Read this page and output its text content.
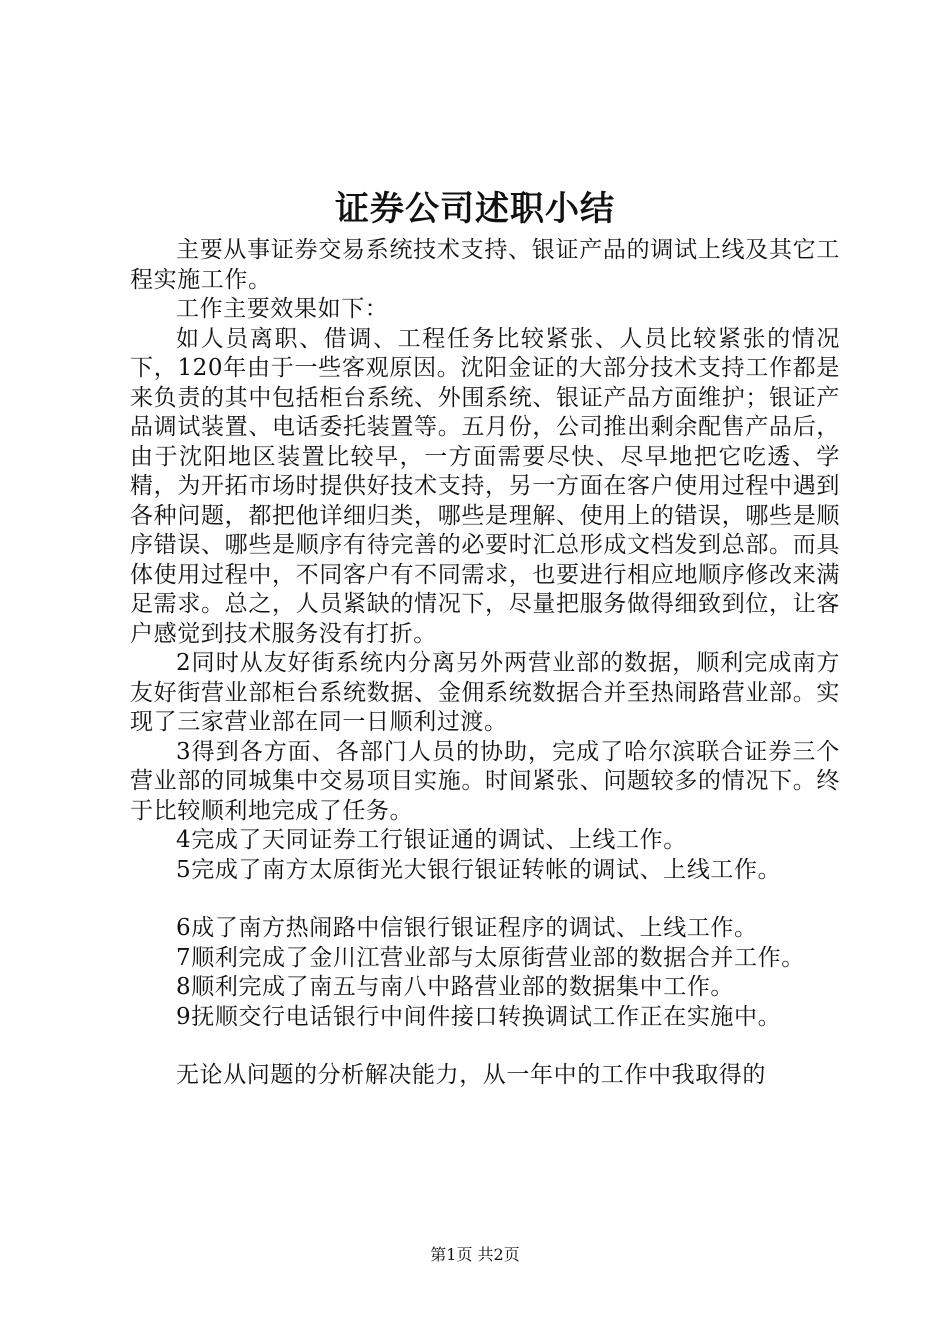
证券公司述职小结

主要从事证券交易系统技术支持、银证产品的调试上线及其它工程实施工作。

工作主要效果如下：

如人员离职、借调、工程任务比较紧张、人员比较紧张的情况下，120年由于一些客观原因。沈阳金证的大部分技术支持工作都是来负责的其中包括柜台系统、外围系统、银证产品方面维护；银证产品调试装置、电话委托装置等。五月份，公司推出剩余配售产品后，由于沈阳地区装置比较早，一方面需要尽快、尽早地把它吃透、学精，为开拓市场时提供好技术支持，另一方面在客户使用过程中遇到各种问题，都把他详细归类，哪些是理解、使用上的错误，哪些是顺序错误、哪些是顺序有待完善的必要时汇总形成文档发到总部。而具体使用过程中，不同客户有不同需求，也要进行相应地顺序修改来满足需求。总之，人员紧缺的情况下，尽量把服务做得细致到位，让客户感觉到技术服务没有打折。

2同时从友好街系统内分离另外两营业部的数据，顺利完成南方友好街营业部柜台系统数据、金佣系统数据合并至热闹路营业部。实现了三家营业部在同一日顺利过渡。

3得到各方面、各部门人员的协助，完成了哈尔滨联合证券三个营业部的同城集中交易项目实施。时间紧张、问题较多的情况下。终于比较顺利地完成了任务。

4完成了天同证券工行银证通的调试、上线工作。

5完成了南方太原街光大银行银证转帐的调试、上线工作。

6成了南方热闹路中信银行银证程序的调试、上线工作。

7顺利完成了金川江营业部与太原街营业部的数据合并工作。

8顺利完成了南五与南八中路营业部的数据集中工作。

9抚顺交行电话银行中间件接口转换调试工作正在实施中。

无论从问题的分析解决能力，从一年中的工作中我取得的

第1页 共2页
